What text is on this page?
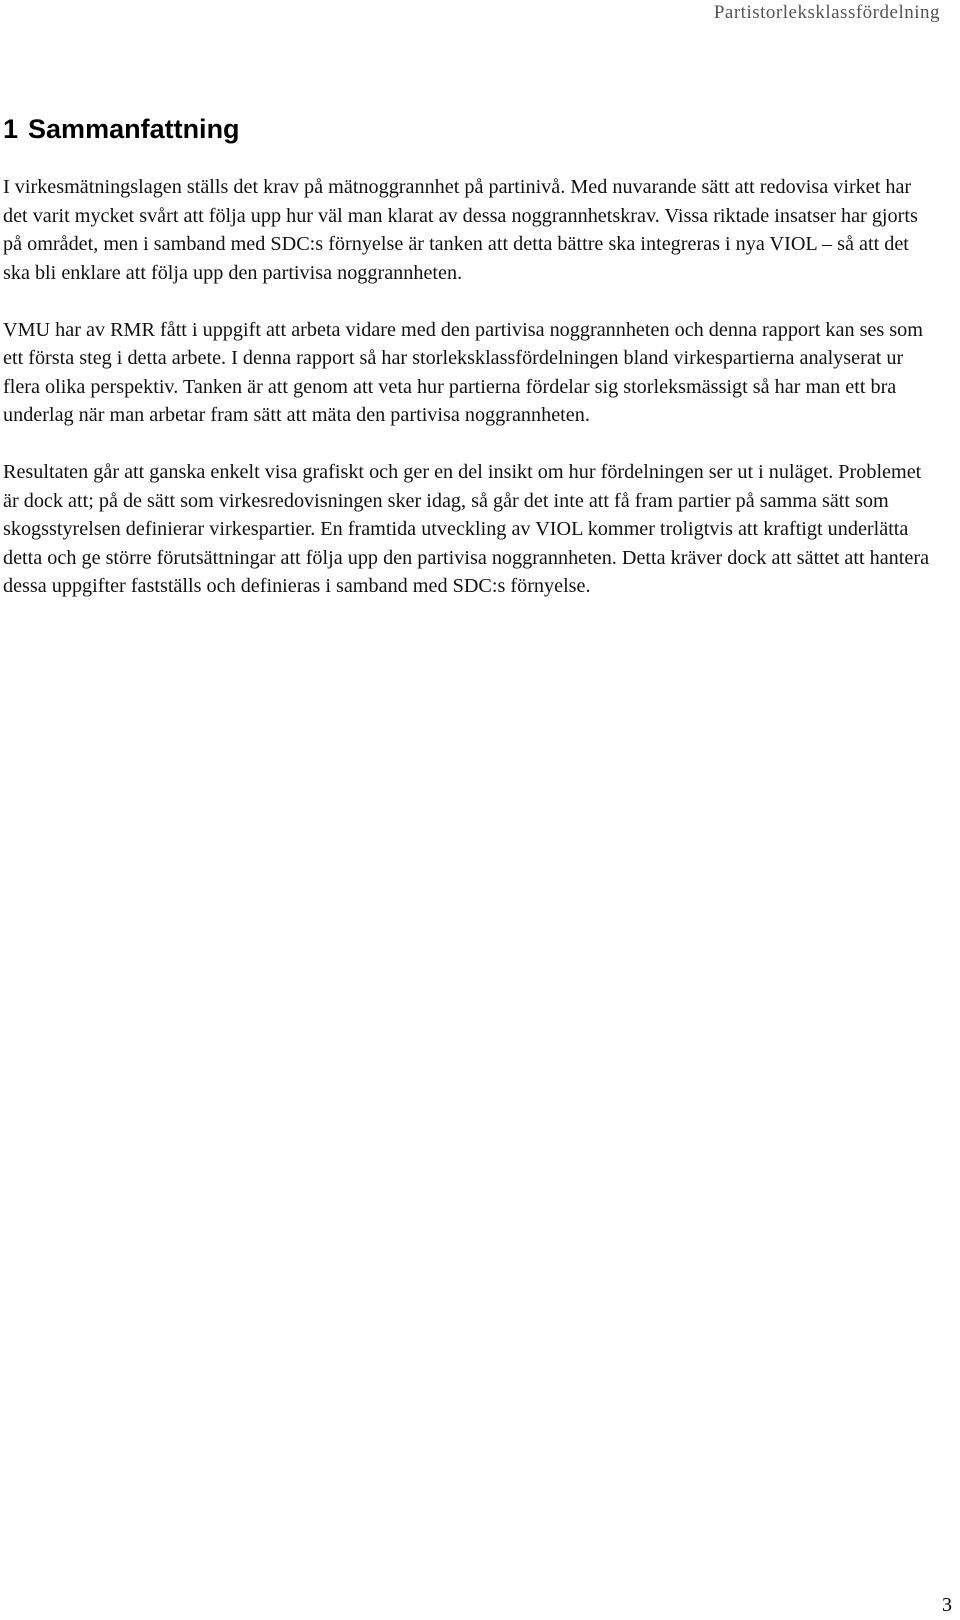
Partistorleksklassfördelning
1 Sammanfattning

I virkesmätningslagen ställs det krav på mätnoggrannhet på partinivå. Med nuvarande sätt att redovisa virket har det varit mycket svårt att följa upp hur väl man klarat av dessa noggrannhetskrav. Vissa riktade insatser har gjorts på området, men i samband med SDC:s förnyelse är tanken att detta bättre ska integreras i nya VIOL – så att det ska bli enklare att följa upp den partivisa noggrannheten.

VMU har av RMR fått i uppgift att arbeta vidare med den partivisa noggrannheten och denna rapport kan ses som ett första steg i detta arbete. I denna rapport så har storleksklassfördelningen bland virkespartierna analyserat ur flera olika perspektiv. Tanken är att genom att veta hur partierna fördelar sig storleksmässigt så har man ett bra underlag när man arbetar fram sätt att mäta den partivisa noggrannheten.

Resultaten går att ganska enkelt visa grafiskt och ger en del insikt om hur fördelningen ser ut i nuläget. Problemet är dock att; på de sätt som virkesredovisningen sker idag, så går det inte att få fram partier på samma sätt som skogsstyrelsen definierar virkespartier. En framtida utveckling av VIOL kommer troligtvis att kraftigt underlätta detta och ge större förutsättningar att följa upp den partivisa noggrannheten. Detta kräver dock att sättet att hantera dessa uppgifter fastställs och definieras i samband med SDC:s förnyelse.

3
